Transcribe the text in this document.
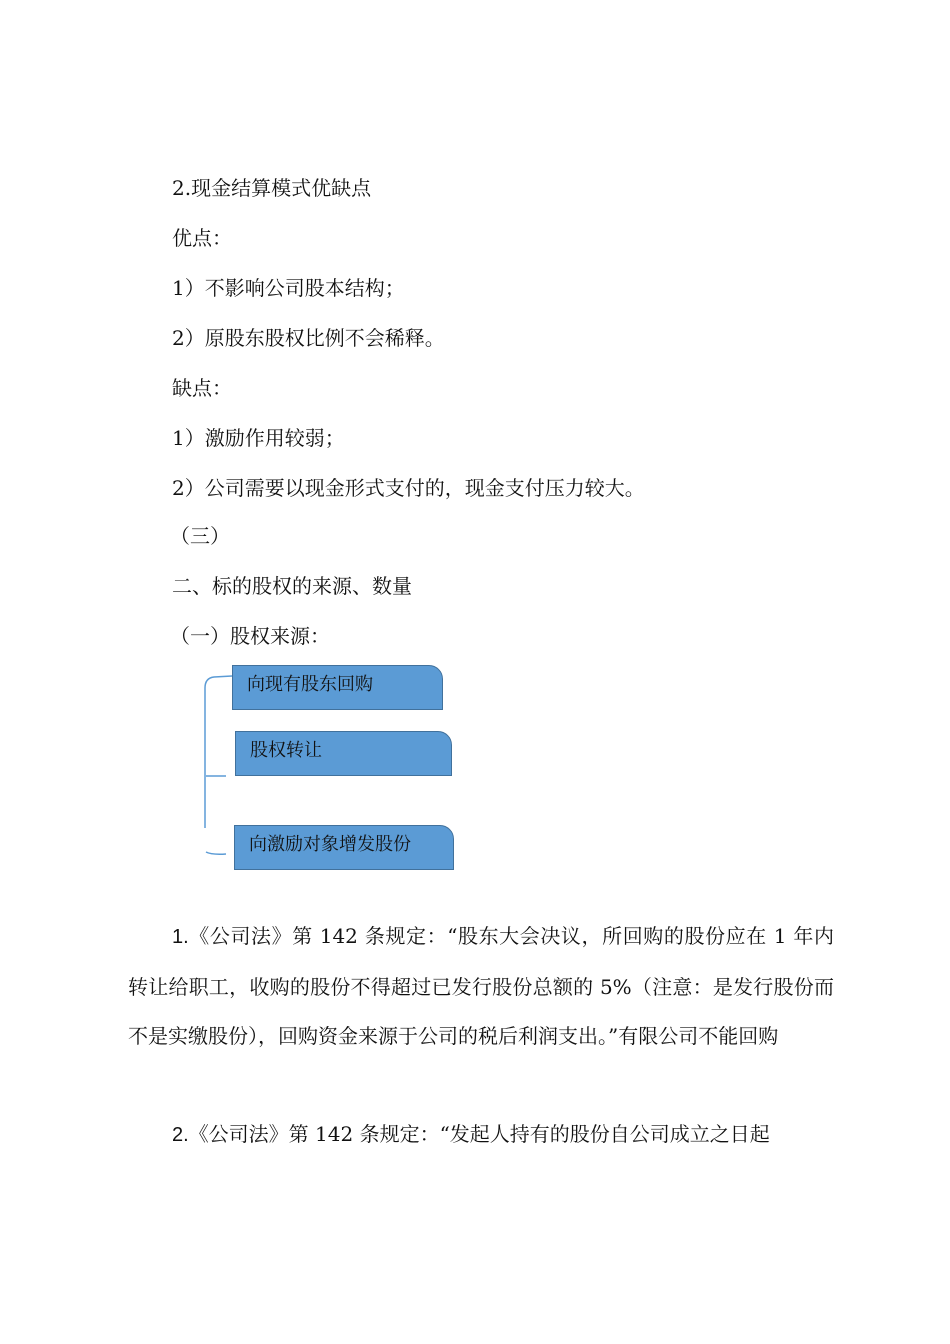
2.现金结算模式优缺点
优点：
1）不影响公司股本结构；
2）原股东股权比例不会稀释。
缺点：
1）激励作用较弱；
2）公司需要以现金形式支付的，现金支付压力较大。
（三）
二、标的股权的来源、数量
（一）股权来源：
向现有股东回购
股权转让
向激励对象增发股份
1.《公司法》第 142 条规定：“股东大会决议，所回购的股份应在 1 年内转让给职工，收购的股份不得超过已发行股份总额的 5%（注意：是发行股份而不是实缴股份），回购资金来源于公司的税后利润支出。”有限公司不能回购
2.《公司法》第 142 条规定：“发起人持有的股份自公司成立之日起
